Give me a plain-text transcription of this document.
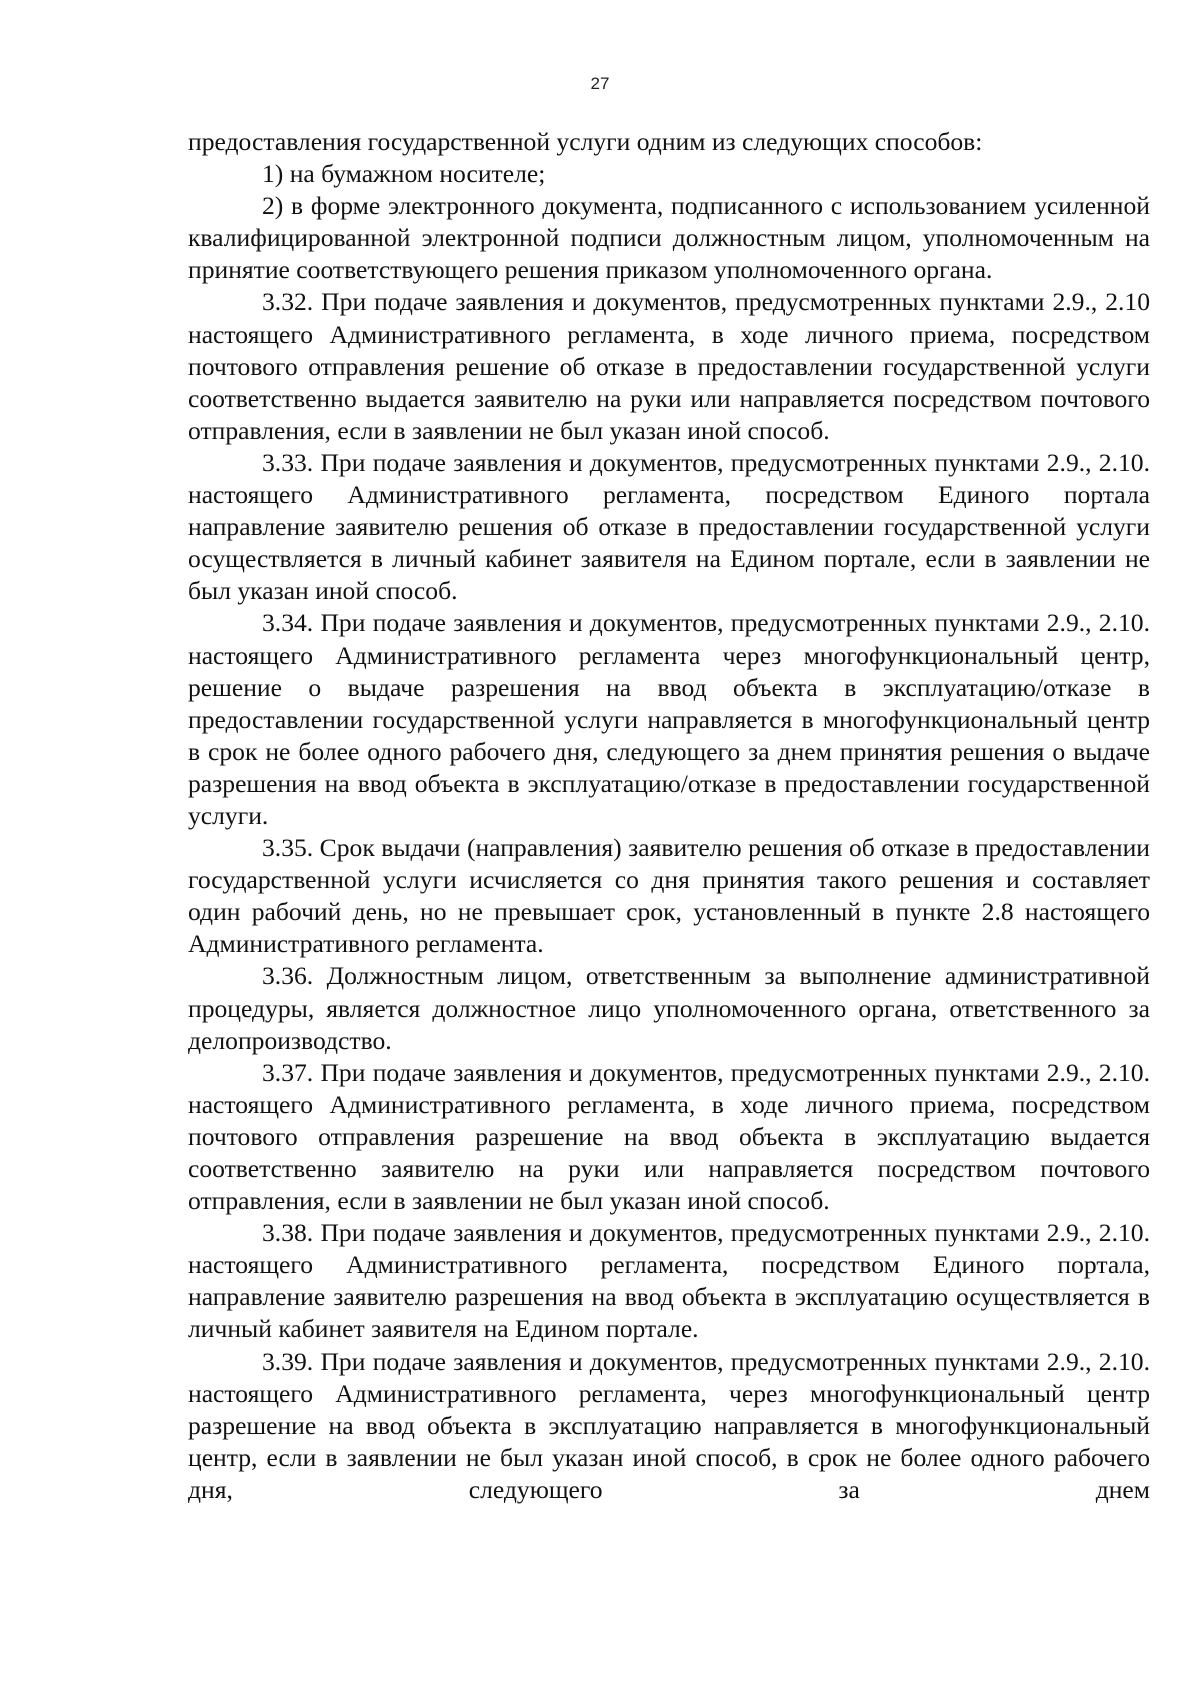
27

предоставления государственной услуги одним из следующих способов:

1) на бумажном носителе;

2) в форме электронного документа, подписанного с использованием усиленной квалифицированной электронной подписи должностным лицом, уполномоченным на принятие соответствующего решения приказом уполномоченного органа.

3.32. При подаче заявления и документов, предусмотренных пунктами 2.9., 2.10 настоящего Административного регламента, в ходе личного приема, посредством почтового отправления решение об отказе в предоставлении государственной услуги соответственно выдается заявителю на руки или направляется посредством почтового отправления, если в заявлении не был указан иной способ.

3.33. При подаче заявления и документов, предусмотренных пунктами 2.9., 2.10. настоящего Административного регламента, посредством Единого портала направление заявителю решения об отказе в предоставлении государственной услуги осуществляется в личный кабинет заявителя на Едином портале, если в заявлении не был указан иной способ.

3.34. При подаче заявления и документов, предусмотренных пунктами 2.9., 2.10. настоящего Административного регламента через многофункциональный центр, решение о выдаче разрешения на ввод объекта в эксплуатацию/отказе в предоставлении государственной услуги направляется в многофункциональный центр в срок не более одного рабочего дня, следующего за днем принятия решения о выдаче разрешения на ввод объекта в эксплуатацию/отказе в предоставлении государственной услуги.

3.35. Срок выдачи (направления) заявителю решения об отказе в предоставлении государственной услуги исчисляется со дня принятия такого решения и составляет один рабочий день, но не превышает срок, установленный в пункте 2.8 настоящего Административного регламента.

3.36. Должностным лицом, ответственным за выполнение административной процедуры, является должностное лицо уполномоченного органа, ответственного за делопроизводство.

3.37. При подаче заявления и документов, предусмотренных пунктами 2.9., 2.10. настоящего Административного регламента, в ходе личного приема, посредством почтового отправления разрешение на ввод объекта в эксплуатацию выдается соответственно заявителю на руки или направляется посредством почтового отправления, если в заявлении не был указан иной способ.

3.38. При подаче заявления и документов, предусмотренных пунктами 2.9., 2.10. настоящего Административного регламента, посредством Единого портала, направление заявителю разрешения на ввод объекта в эксплуатацию осуществляется в личный кабинет заявителя на Едином портале.

3.39. При подаче заявления и документов, предусмотренных пунктами 2.9., 2.10. настоящего Административного регламента, через многофункциональный центр разрешение на ввод объекта в эксплуатацию направляется в многофункциональный центр, если в заявлении не был указан иной способ, в срок не более одного рабочего дня, следующего за днем
